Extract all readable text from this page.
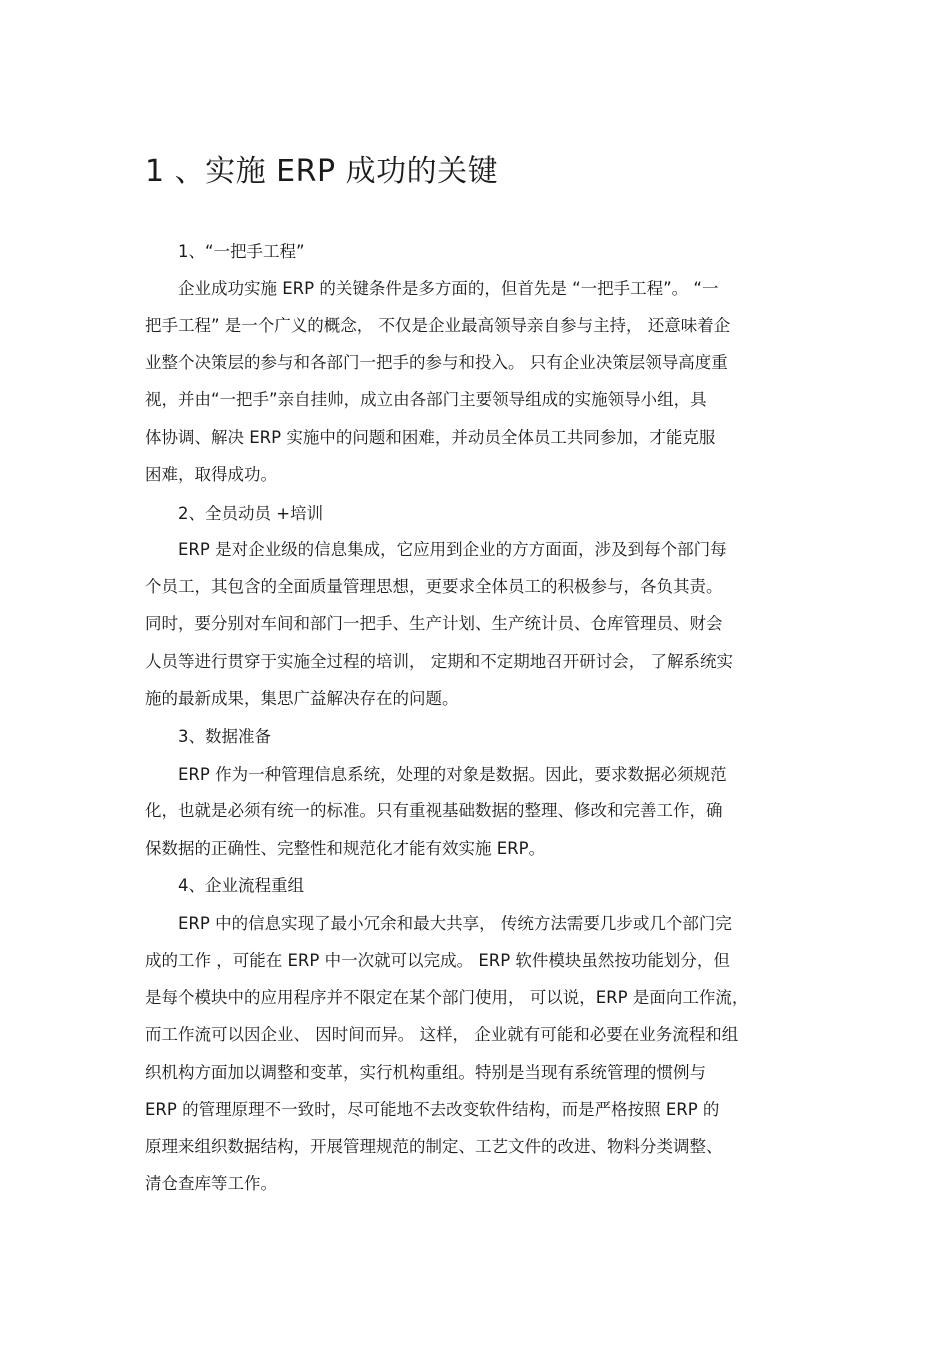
1 、实施 ERP 成功的关键

1、“一把手工程”

企业成功实施 ERP 的关键条件是多方面的，但首先是 “一把手工程”。 “一

把手工程” 是一个广义的概念， 不仅是企业最高领导亲自参与主持， 还意味着企

业整个决策层的参与和各部门一把手的参与和投入。 只有企业决策层领导高度重

视，并由“一把手”亲自挂帅，成立由各部门主要领导组成的实施领导小组，具

体协调、解决 ERP 实施中的问题和困难，并动员全体员工共同参加，才能克服

困难，取得成功。

2、全员动员 +培训

ERP 是对企业级的信息集成，它应用到企业的方方面面，涉及到每个部门每

个员工，其包含的全面质量管理思想，更要求全体员工的积极参与，各负其责。

同时，要分别对车间和部门一把手、生产计划、生产统计员、仓库管理员、财会

人员等进行贯穿于实施全过程的培训， 定期和不定期地召开研讨会， 了解系统实

施的最新成果，集思广益解决存在的问题。

3、数据准备

ERP 作为一种管理信息系统，处理的对象是数据。因此，要求数据必须规范

化，也就是必须有统一的标准。只有重视基础数据的整理、修改和完善工作，确

保数据的正确性、完整性和规范化才能有效实施 ERP。

4、企业流程重组

ERP 中的信息实现了最小冗余和最大共享， 传统方法需要几步或几个部门完

成的工作 ，可能在 ERP 中一次就可以完成。 ERP 软件模块虽然按功能划分，但

是每个模块中的应用程序并不限定在某个部门使用， 可以说，ERP 是面向工作流，

而工作流可以因企业、 因时间而异。 这样， 企业就有可能和必要在业务流程和组

织机构方面加以调整和变革，实行机构重组。特别是当现有系统管理的惯例与

ERP 的管理原理不一致时，尽可能地不去改变软件结构，而是严格按照 ERP 的

原理来组织数据结构，开展管理规范的制定、工艺文件的改进、物料分类调整、

清仓查库等工作。
